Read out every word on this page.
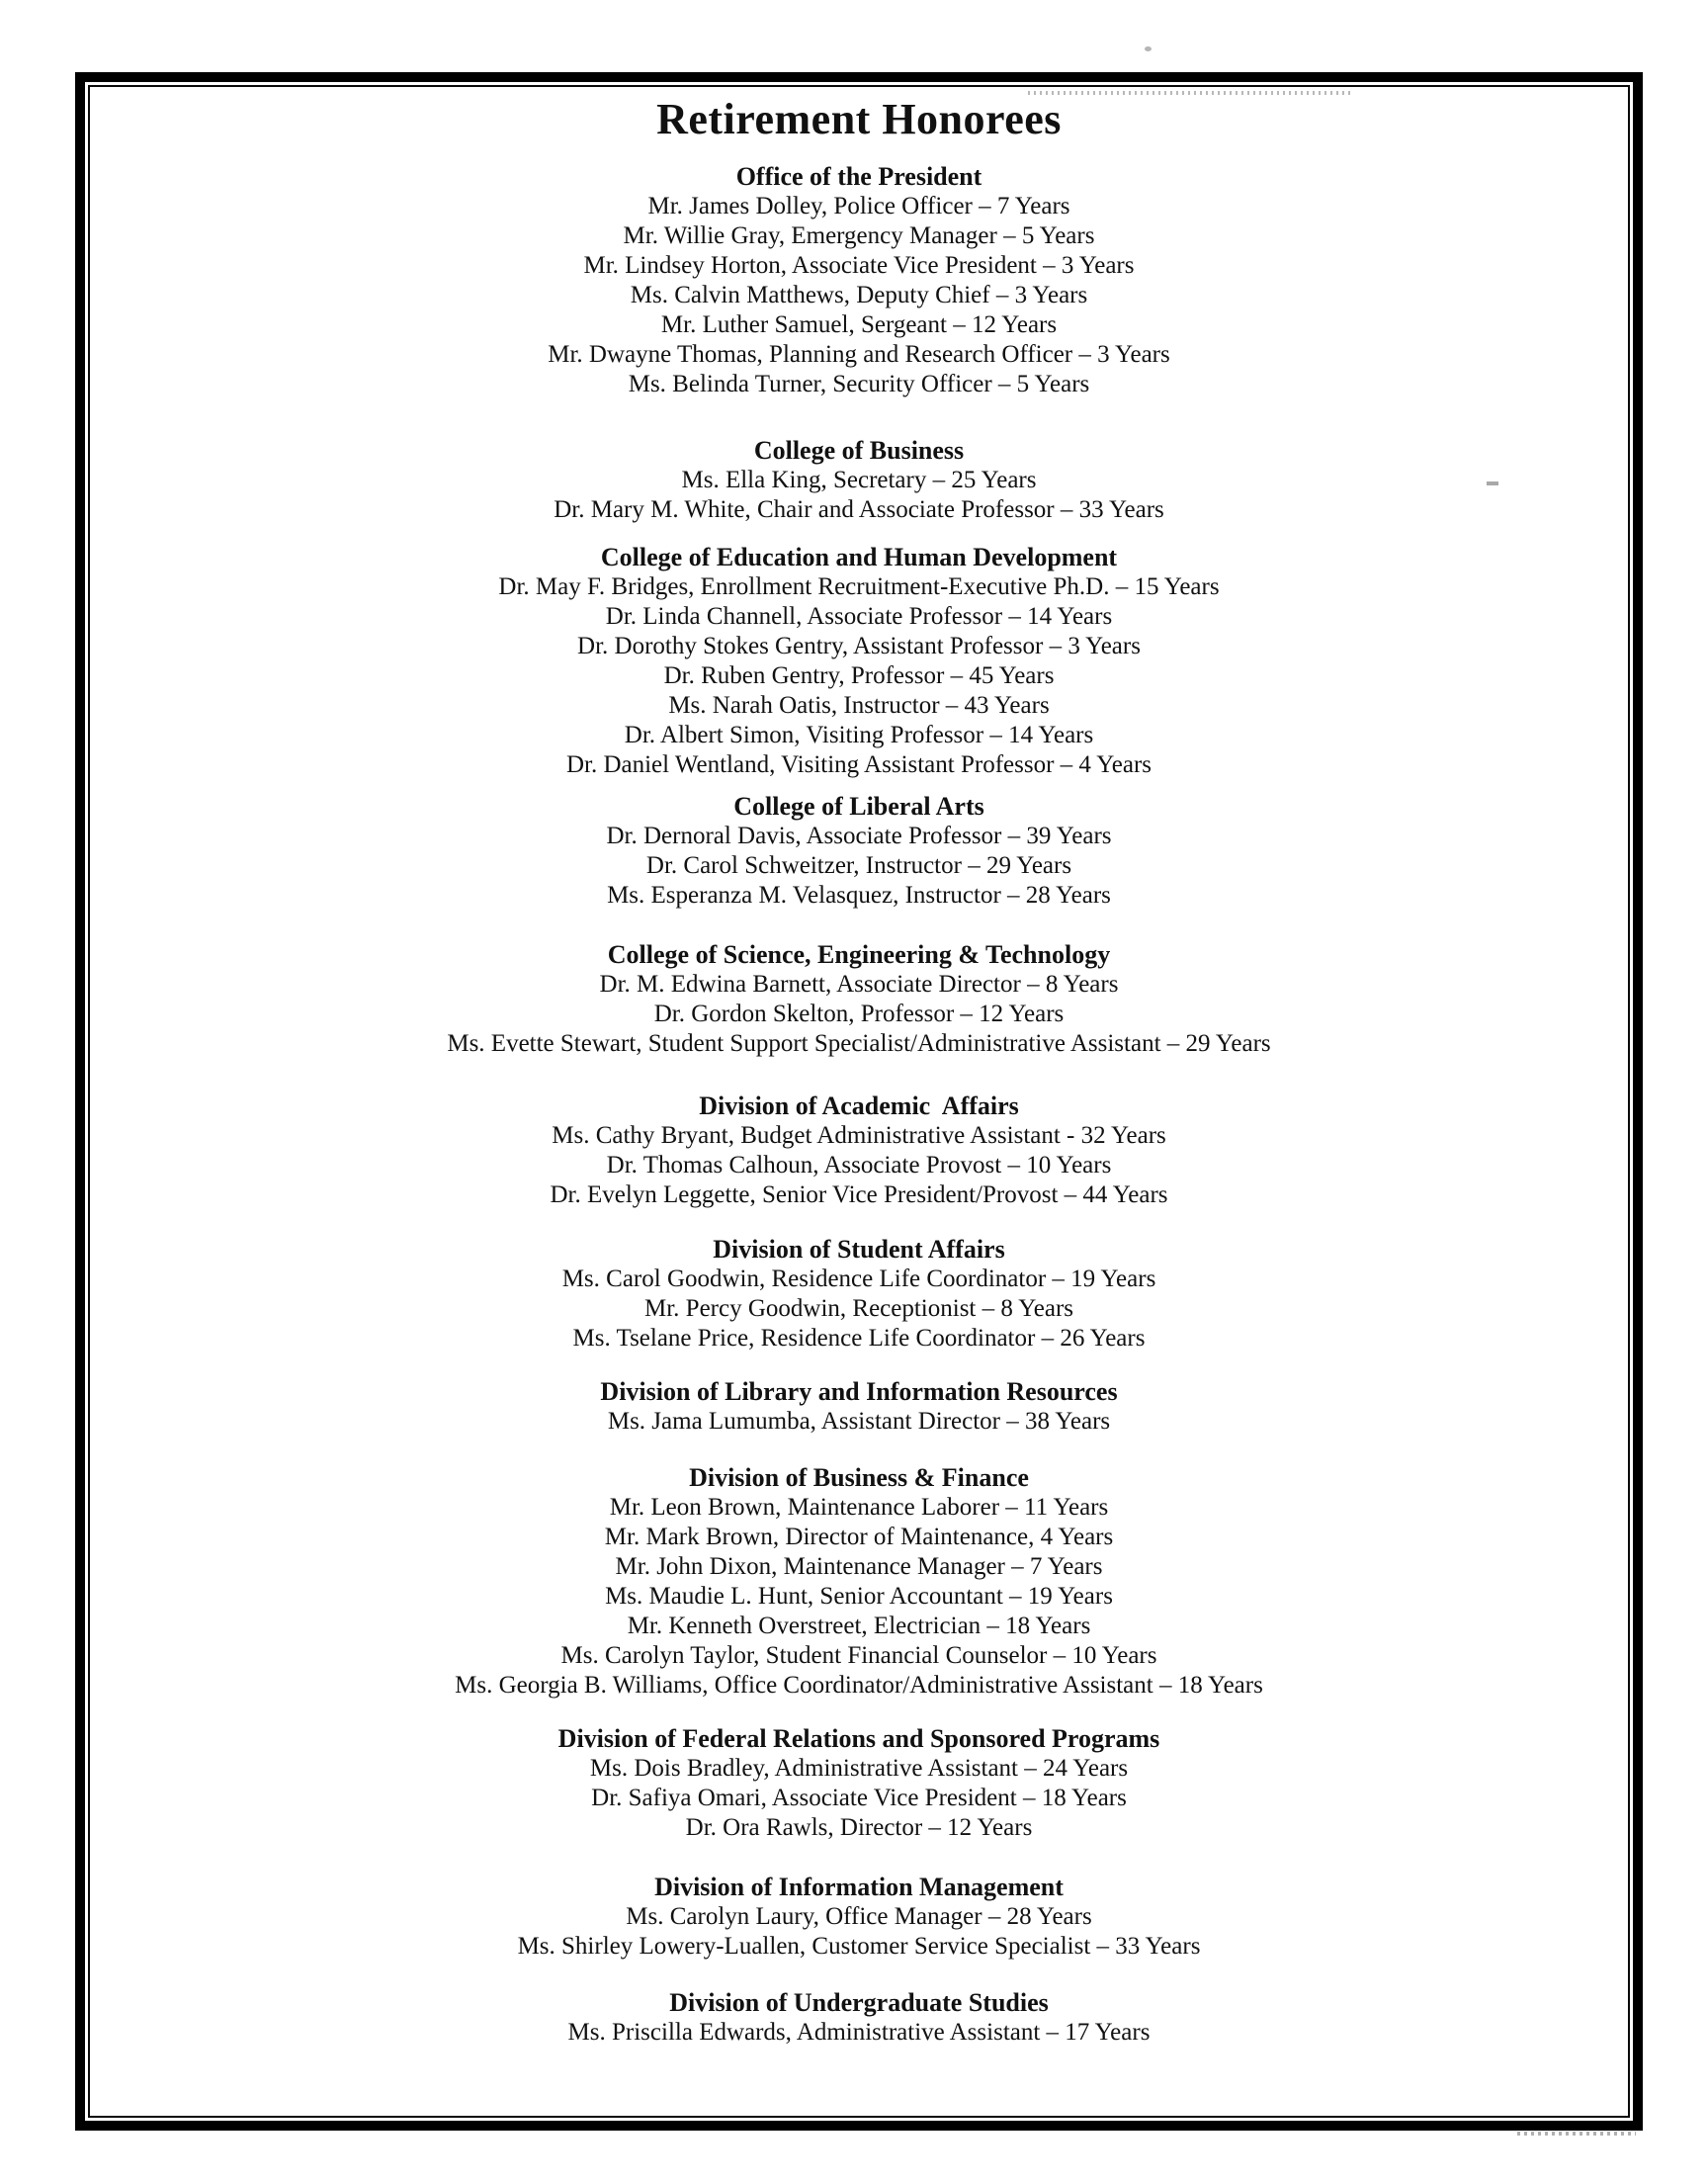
Retirement Honorees
Office of the President

Mr. James Dolley, Police Officer – 7 Years

Mr. Willie Gray, Emergency Manager – 5 Years

Mr. Lindsey Horton, Associate Vice President – 3 Years

Ms. Calvin Matthews, Deputy Chief – 3 Years

Mr. Luther Samuel, Sergeant – 12 Years

Mr. Dwayne Thomas, Planning and Research Officer – 3 Years

Ms. Belinda Turner, Security Officer – 5 Years

College of Business

Ms. Ella King, Secretary – 25 Years

Dr. Mary M. White, Chair and Associate Professor – 33 Years

College of Education and Human Development

Dr. May F. Bridges, Enrollment Recruitment-Executive Ph.D. – 15 Years

Dr. Linda Channell, Associate Professor – 14 Years

Dr. Dorothy Stokes Gentry, Assistant Professor – 3 Years

Dr. Ruben Gentry, Professor – 45 Years

Ms. Narah Oatis, Instructor – 43 Years

Dr. Albert Simon, Visiting Professor – 14 Years

Dr. Daniel Wentland, Visiting Assistant Professor – 4 Years

College of Liberal Arts

Dr. Dernoral Davis, Associate Professor – 39 Years

Dr. Carol Schweitzer, Instructor – 29 Years

Ms. Esperanza M. Velasquez, Instructor – 28 Years

College of Science, Engineering & Technology

Dr. M. Edwina Barnett, Associate Director – 8 Years

Dr. Gordon Skelton, Professor – 12 Years

Ms. Evette Stewart, Student Support Specialist/Administrative Assistant – 29 Years

Division of Academic  Affairs

Ms. Cathy Bryant, Budget Administrative Assistant - 32 Years

Dr. Thomas Calhoun, Associate Provost – 10 Years

Dr. Evelyn Leggette, Senior Vice President/Provost – 44 Years

Division of Student Affairs

Ms. Carol Goodwin, Residence Life Coordinator – 19 Years

Mr. Percy Goodwin, Receptionist – 8 Years

Ms. Tselane Price, Residence Life Coordinator – 26 Years

Division of Library and Information Resources

Ms. Jama Lumumba, Assistant Director – 38 Years

Division of Business & Finance

Mr. Leon Brown, Maintenance Laborer – 11 Years

Mr. Mark Brown, Director of Maintenance, 4 Years

Mr. John Dixon, Maintenance Manager – 7 Years

Ms. Maudie L. Hunt, Senior Accountant – 19 Years

Mr. Kenneth Overstreet, Electrician – 18 Years

Ms. Carolyn Taylor, Student Financial Counselor – 10 Years

Ms. Georgia B. Williams, Office Coordinator/Administrative Assistant – 18 Years

Division of Federal Relations and Sponsored Programs

Ms. Dois Bradley, Administrative Assistant – 24 Years

Dr. Safiya Omari, Associate Vice President – 18 Years

Dr. Ora Rawls, Director – 12 Years

Division of Information Management

Ms. Carolyn Laury, Office Manager – 28 Years

Ms. Shirley Lowery-Luallen, Customer Service Specialist – 33 Years

Division of Undergraduate Studies

Ms. Priscilla Edwards, Administrative Assistant – 17 Years
